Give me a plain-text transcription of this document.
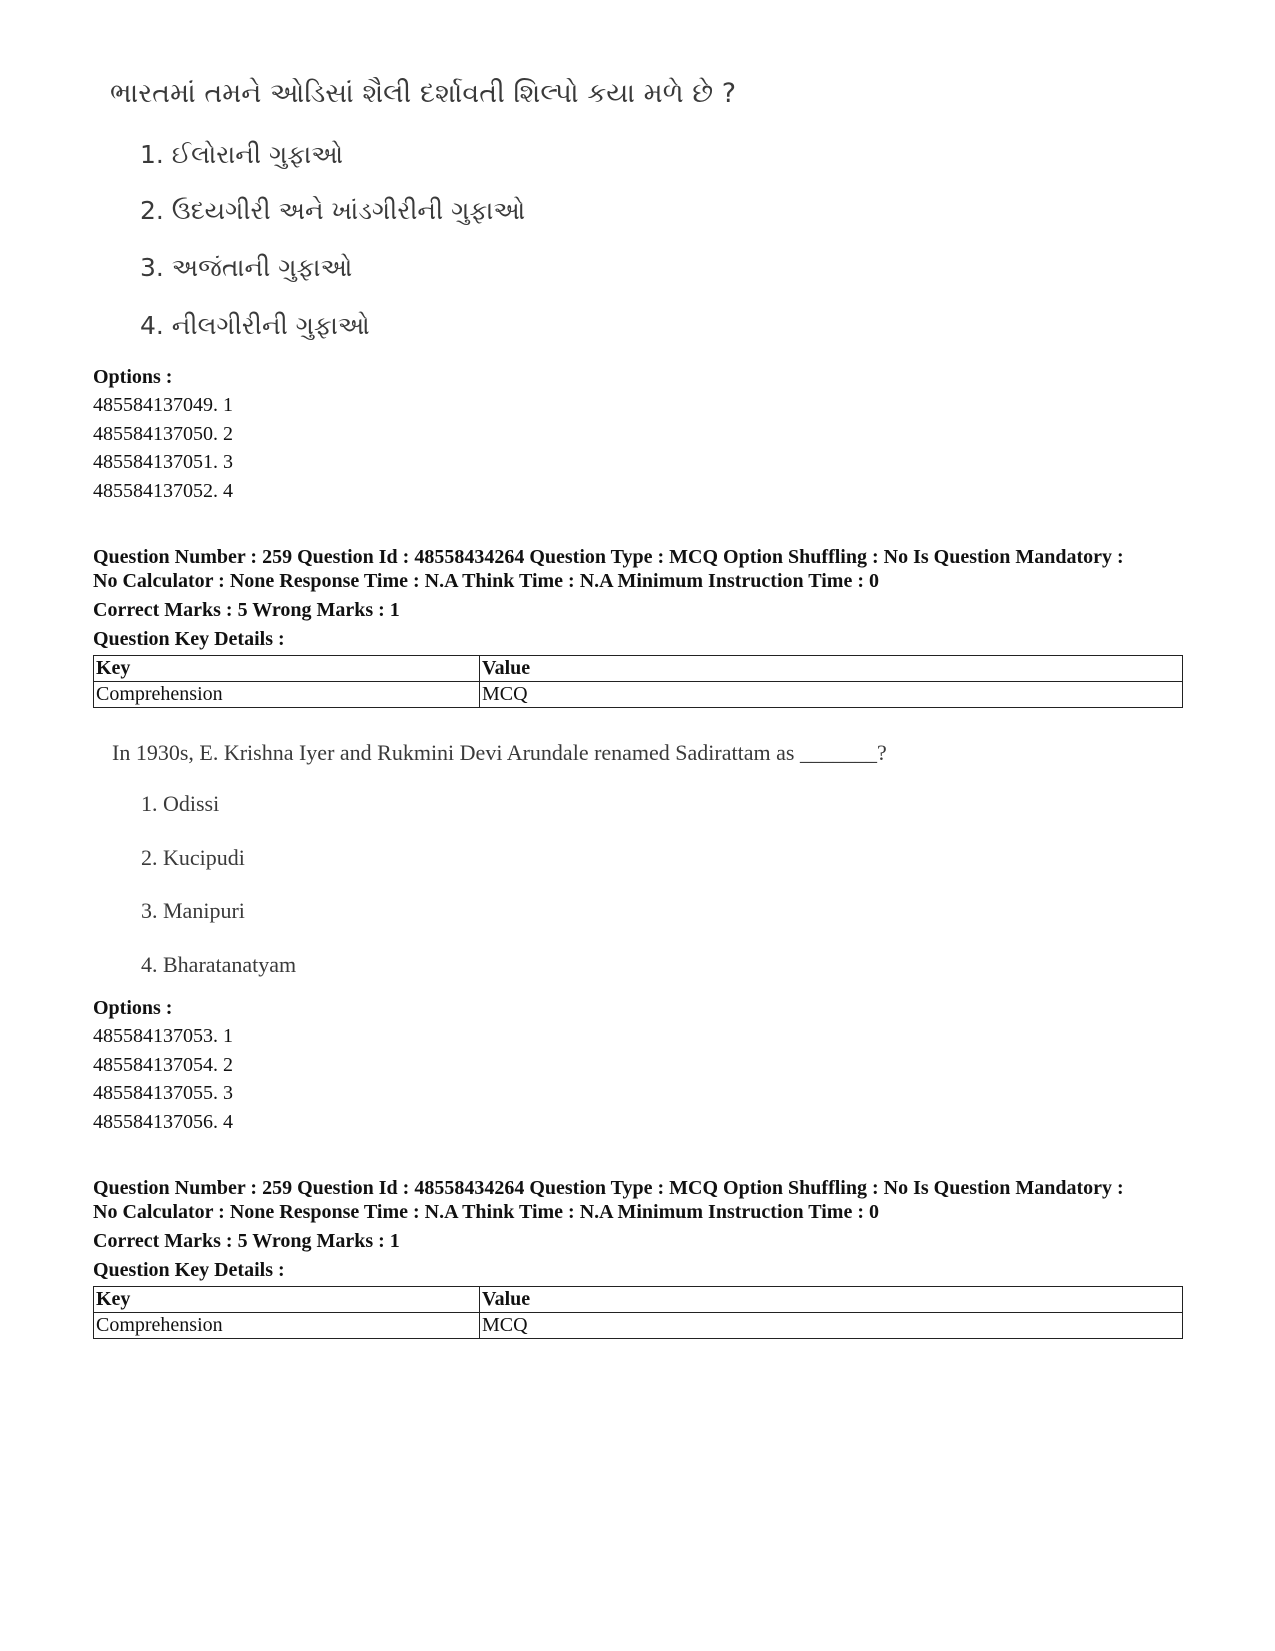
ભારતમાં તમને ઓડિસાં શૈલી દર્શાવતી શિલ્પો કયા મળે છે ?
1. ઈલોરાની ગુફાઓ
2. ઉદયગીરી અને ખાંડગીરીની ગુફાઓ
3. અજંતાની ગુફાઓ
4. નીલગીરીની ગુફાઓ
Options :
485584137049. 1
485584137050. 2
485584137051. 3
485584137052. 4
Question Number : 259 Question Id : 48558434264 Question Type : MCQ Option Shuffling : No Is Question Mandatory :
No Calculator : None Response Time : N.A Think Time : N.A Minimum Instruction Time : 0
Correct Marks : 5 Wrong Marks : 1
Question Key Details :
Key	Value
Comprehension	MCQ
In 1930s, E. Krishna Iyer and Rukmini Devi Arundale renamed Sadirattam as _______?
1. Odissi
2. Kucipudi
3. Manipuri
4. Bharatanatyam
Options :
485584137053. 1
485584137054. 2
485584137055. 3
485584137056. 4
Question Number : 259 Question Id : 48558434264 Question Type : MCQ Option Shuffling : No Is Question Mandatory :
No Calculator : None Response Time : N.A Think Time : N.A Minimum Instruction Time : 0
Correct Marks : 5 Wrong Marks : 1
Question Key Details :
Key	Value
Comprehension	MCQ
